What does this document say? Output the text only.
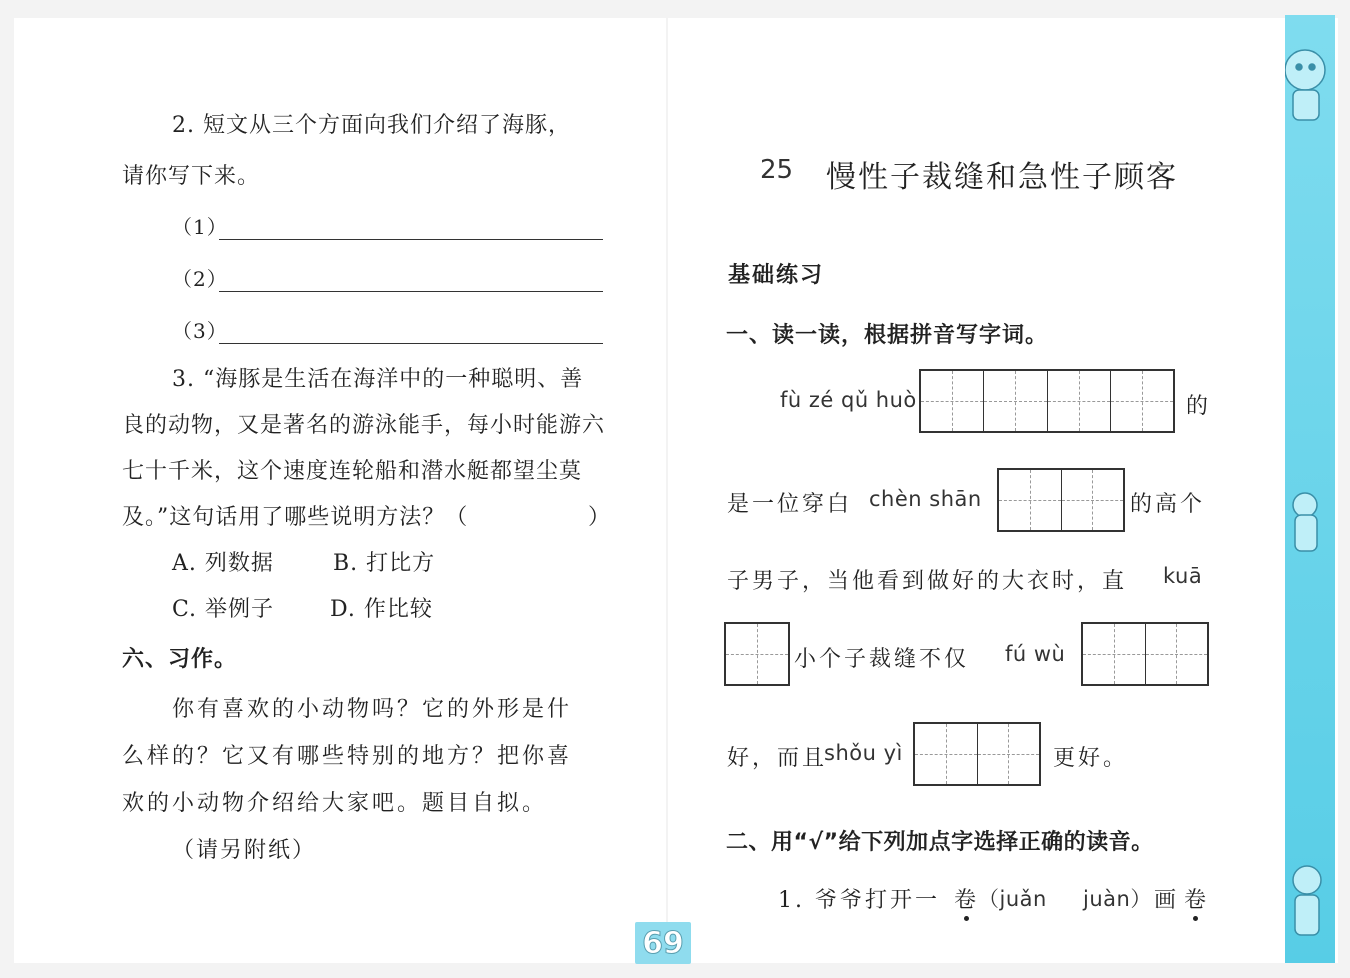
2. 短文从三个方面向我们介绍了海豚，
请你写下来。
（1）
（2）
（3）
3. “海豚是生活在海洋中的一种聪明、善
良的动物，又是著名的游泳能手，每小时能游六
七十千米，这个速度连轮船和潜水艇都望尘莫
及。”这句话用了哪些说明方法？（	）
A. 列数据	B. 打比方
C. 举例子	D. 作比较
六、习作。
你有喜欢的小动物吗？它的外形是什
么样的？它又有哪些特别的地方？把你喜
欢的小动物介绍给大家吧。题目自拟。
（请另附纸）
25 慢性子裁缝和急性子顾客
基础练习
一、读一读，根据拼音写字词。
fù zé qǔ huò	的
是一位穿白 chèn shān	的高个
子男子，当他看到做好的大衣时，直 kuā
小个子裁缝不仅 fú wù
好，而且
shǒu yì	更好。
二、用“√”给下列加点字选择正确的读音。
1. 爷爷打开一 卷 （juǎn juàn） 画 卷
69
